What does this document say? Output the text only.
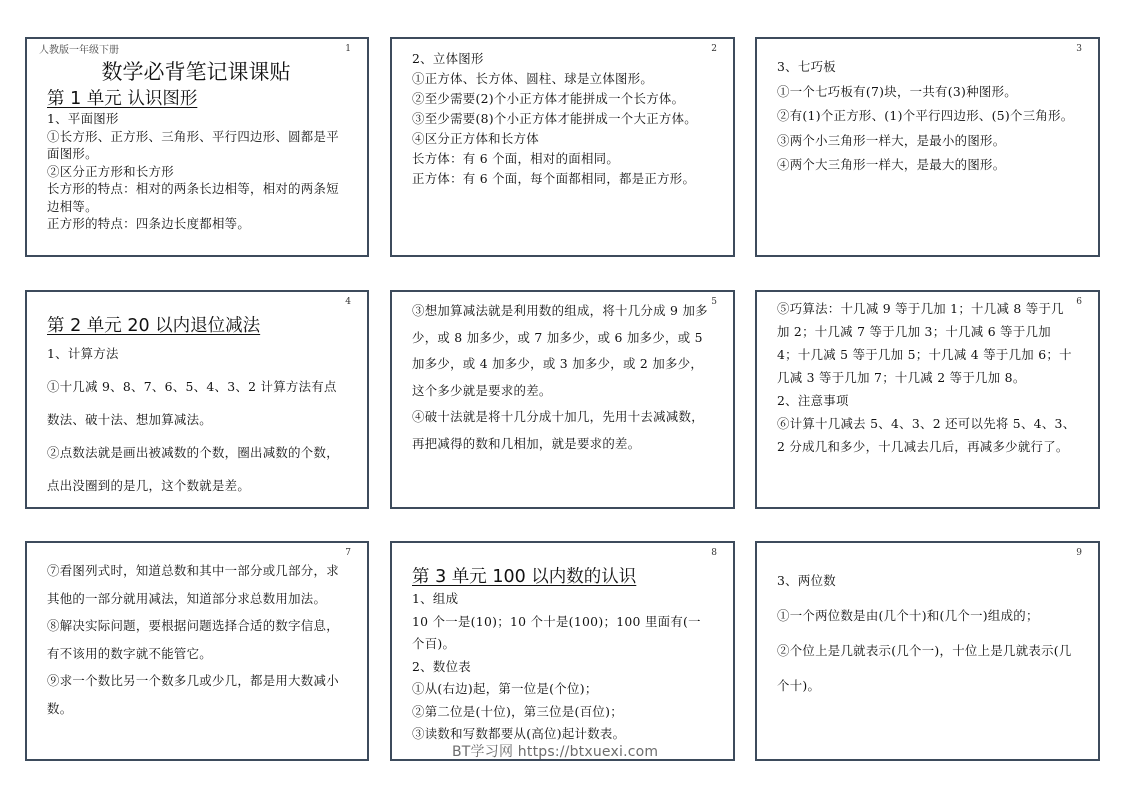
1
人教版一年级下册
数学必背笔记课课贴
第 1 单元 认识图形
1、平面图形
①长方形、正方形、三角形、平行四边形、圆都是平面图形。
②区分正方形和长方形
长方形的特点：相对的两条长边相等，相对的两条短边相等。
正方形的特点：四条边长度都相等。
2
2、立体图形
①正方体、长方体、圆柱、球是立体图形。
②至少需要(2)个小正方体才能拼成一个长方体。
③至少需要(8)个小正方体才能拼成一个大正方体。
④区分正方体和长方体
长方体：有 6 个面，相对的面相同。
正方体：有 6 个面，每个面都相同，都是正方形。
3
3、七巧板
①一个七巧板有(7)块，一共有(3)种图形。
②有(1)个正方形、(1)个平行四边形、(5)个三角形。
③两个小三角形一样大，是最小的图形。
④两个大三角形一样大，是最大的图形。
4
第 2 单元 20 以内退位减法
1、计算方法
①十几减 9、8、7、6、5、4、3、2 计算方法有点数法、破十法、想加算减法。
②点数法就是画出被减数的个数，圈出减数的个数，点出没圈到的是几，这个数就是差。
5
③想加算减法就是利用数的组成，将十几分成 9 加多少，或 8 加多少，或 7 加多少，或 6 加多少，或 5 加多少，或 4 加多少，或 3 加多少，或 2 加多少，这个多少就是要求的差。
④破十法就是将十几分成十加几，先用十去减减数，再把减得的数和几相加，就是要求的差。
6
⑤巧算法：十几减 9 等于几加 1；十几减 8 等于几加 2；十几减 7 等于几加 3；十几减 6 等于几加 4；十几减 5 等于几加 5；十几减 4 等于几加 6；十几减 3 等于几加 7；十几减 2 等于几加 8。
2、注意事项
⑥计算十几减去 5、4、3、2 还可以先将 5、4、3、2 分成几和多少，十几减去几后，再减多少就行了。
7
⑦看图列式时，知道总数和其中一部分或几部分，求其他的一部分就用减法，知道部分求总数用加法。
⑧解决实际问题，要根据问题选择合适的数字信息，有不该用的数字就不能管它。
⑨求一个数比另一个数多几或少几，都是用大数减小数。
8
第 3 单元 100 以内数的认识
1、组成
10 个一是(10)；10 个十是(100)；100 里面有(一个百)。
2、数位表
①从(右边)起，第一位是(个位)；
②第二位是(十位)，第三位是(百位)；
③读数和写数都要从(高位)起计数表。
9
3、两位数
①一个两位数是由(几个十)和(几个一)组成的；
②个位上是几就表示(几个一)，十位上是几就表示(几个十)。
BT学习网 https://btxuexi.com
